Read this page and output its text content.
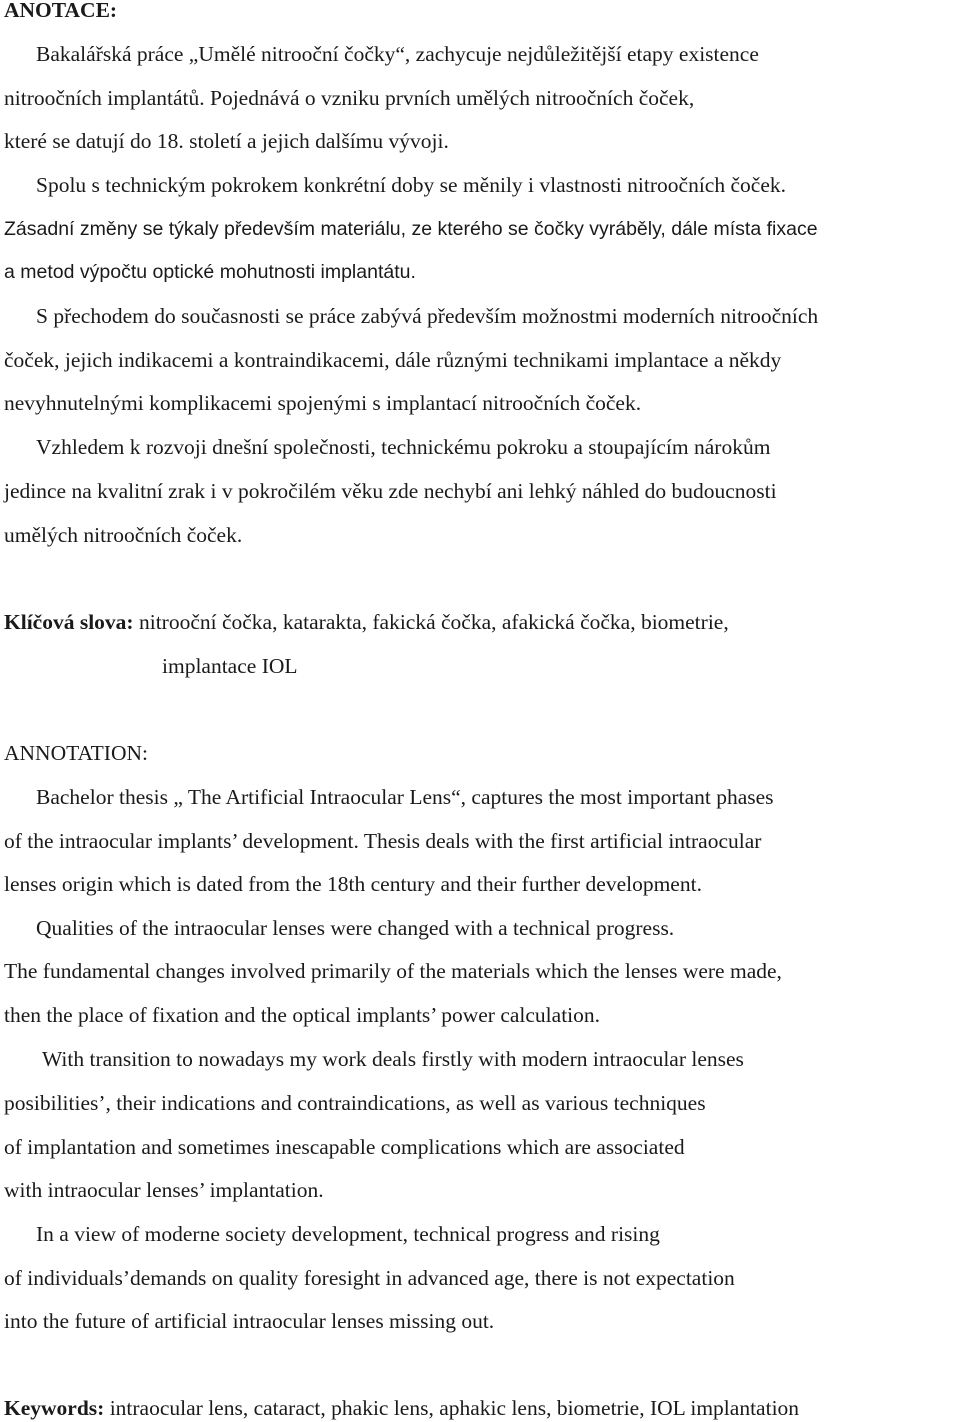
ANOTACE:
Bakalářská práce „Umělé nitrooční čočky“, zachycuje nejdůležitější etapy existence
nitroočních implantátů. Pojednává o vzniku prvních umělých nitroočních čoček,
které se datují do 18. století a jejich dalšímu vývoji.
Spolu s technickým pokrokem konkrétní doby se měnily i vlastnosti nitroočních čoček.
Zásadní změny se týkaly především materiálu, ze kterého se čočky vyráběly, dále místa fixace
a metod výpočtu optické mohutnosti implantátu.
S přechodem do současnosti se práce zabývá především možnostmi moderních nitroočních
čoček, jejich indikacemi a kontraindikacemi, dále různými technikami implantace a někdy
nevyhnutelnými komplikacemi spojenými s implantací nitroočních čoček.
Vzhledem k rozvoji dnešní společnosti, technickému pokroku a stoupajícím nárokům
jedince na kvalitní zrak i v pokročilém věku zde nechybí ani lehký náhled do budoucnosti
umělých nitroočních čoček.
Klíčová slova: nitrooční čočka, katarakta, fakická čočka, afakická čočka, biometrie,
implantace IOL
ANNOTATION:
Bachelor thesis „ The Artificial Intraocular Lens“, captures the most important phases
of the intraocular implants’ development. Thesis deals with the first artificial intraocular
lenses origin which is dated from the 18th century and their further development.
Qualities of the intraocular lenses were changed with a technical progress.
The fundamental changes involved primarily of the materials which the lenses were made,
then the place of fixation and the optical implants’ power calculation.
With transition to nowadays my work deals firstly with modern intraocular lenses
posibilities’, their indications and contraindications, as well as various techniques
of implantation and sometimes inescapable complications which are associated
with intraocular lenses’ implantation.
In a view of moderne society development, technical progress and rising
of individuals’demands on quality foresight in advanced age, there is not expectation
into the future of artificial intraocular lenses missing out.
Keywords: intraocular lens, cataract, phakic lens, aphakic lens, biometrie, IOL implantation
